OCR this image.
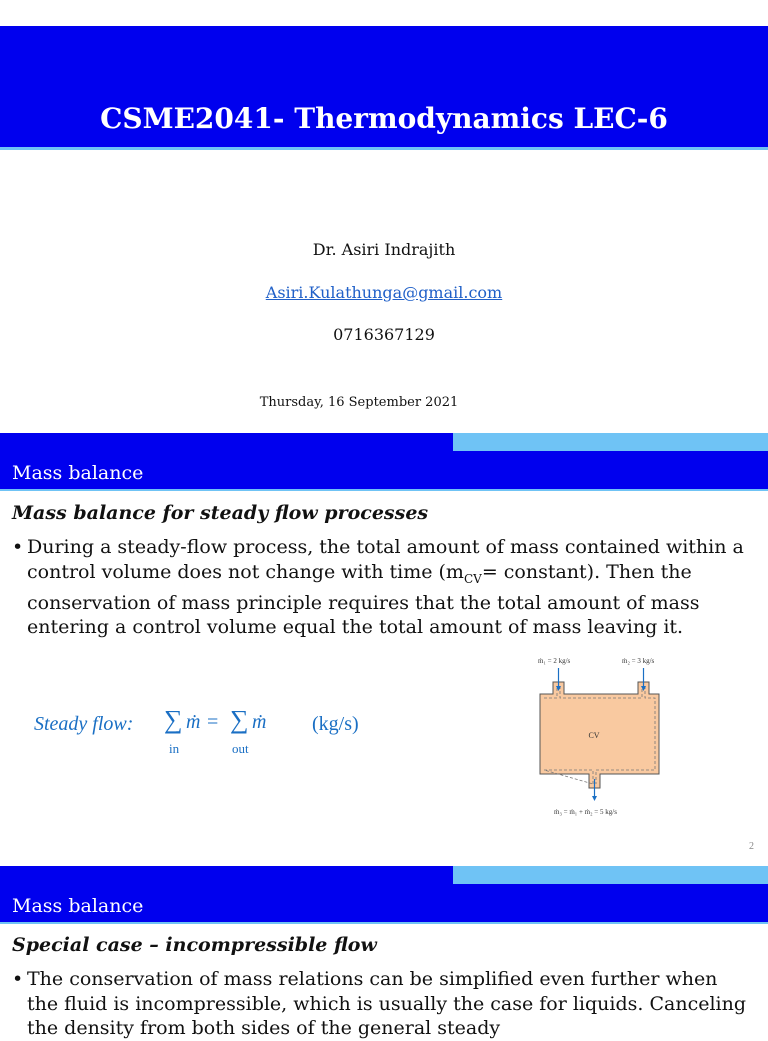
CSME2041- Thermodynamics LEC-6
Dr. Asiri Indrajith
Asiri.Kulathunga@gmail.com
0716367129
Thursday, 16 September 2021
Mass balance
Mass balance for steady flow processes
• During a steady-flow process, the total amount of mass contained within a control volume does not change with time ($m_{CV}=$ constant). Then the conservation of mass principle requires that the total amount of mass entering a control volume equal the total amount of mass leaving it.
Steady flow: ∑ ṁ
in
= ∑ ṁ
out
(kg/s)
ṁ₁ = 2 kg/s	ṁ₂ = 3 kg/s
CV
ṁ₃ = ṁ₁ + ṁ₂ = 5 kg/s
2
Mass balance
Special case – incompressible flow
• The conservation of mass relations can be simplified even further when the fluid is incompressible, which is usually the case for liquids. Canceling the density from both sides of the general steady
